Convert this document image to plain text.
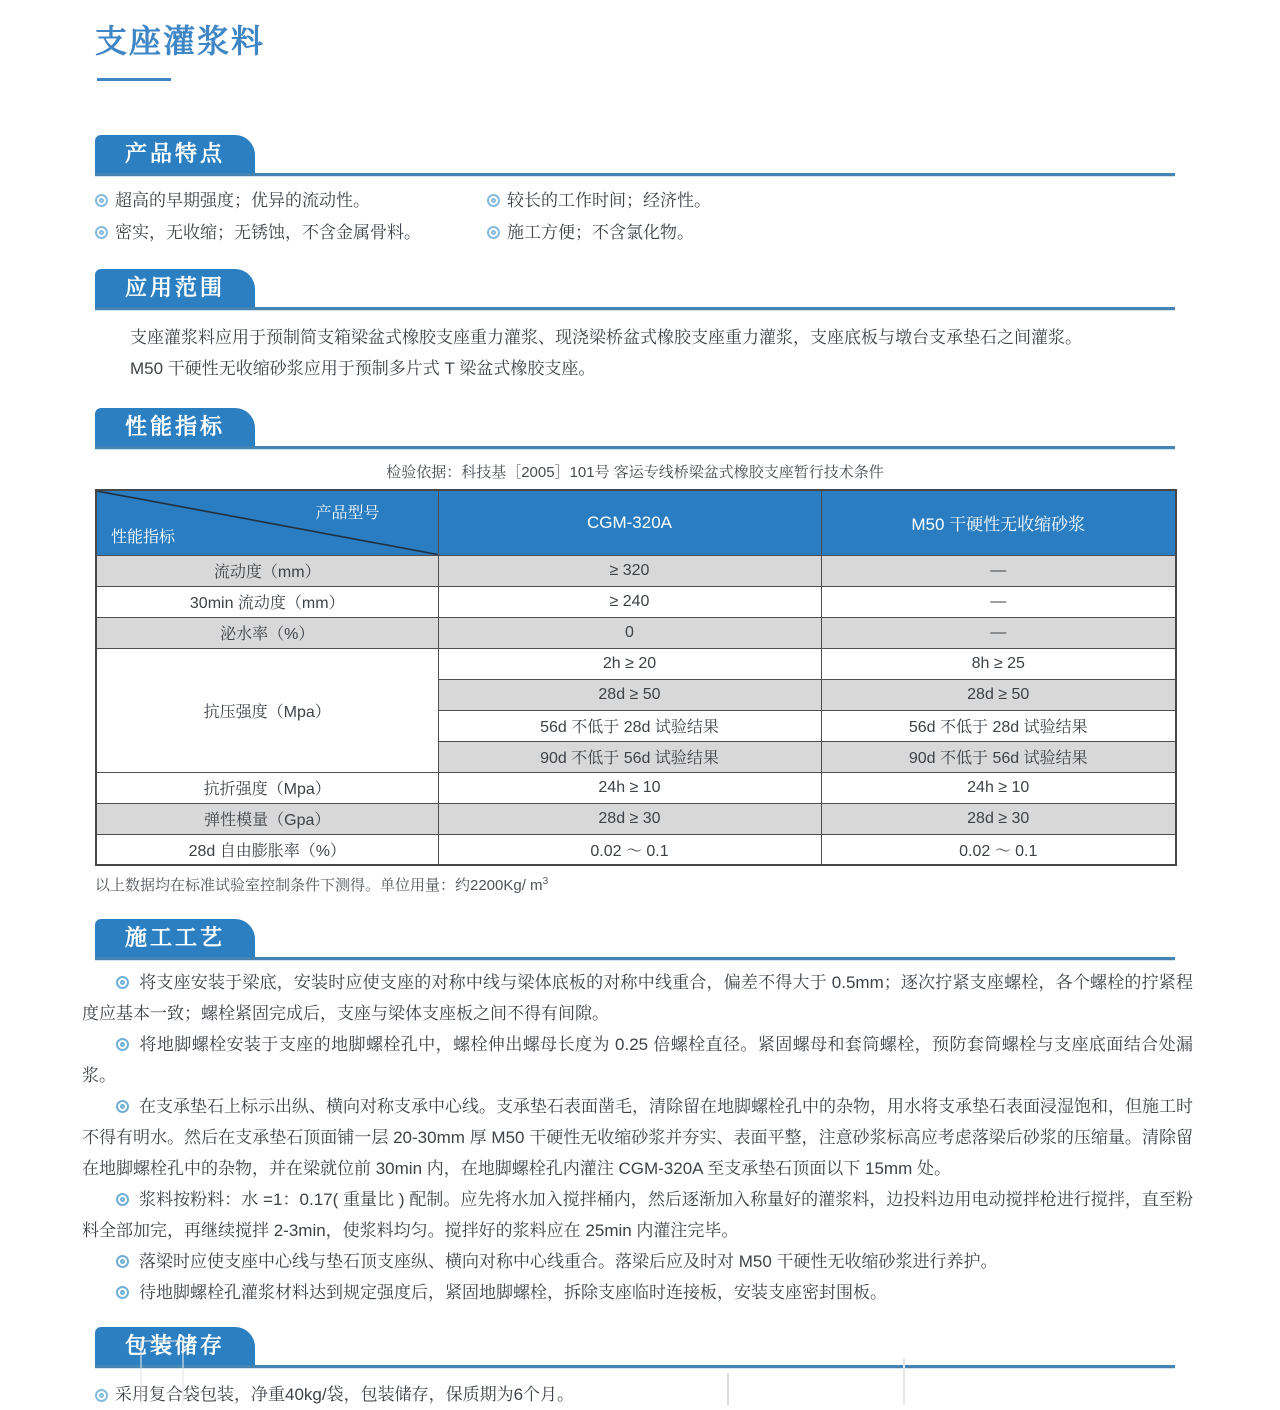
支座灌浆料
产品特点
超高的早期强度；优异的流动性。	较长的工作时间；经济性。
密实，无收缩；无锈蚀，不含金属骨料。	施工方便；不含氯化物。
应用范围

支座灌浆料应用于预制简支箱梁盆式橡胶支座重力灌浆、现浇梁桥盆式橡胶支座重力灌浆，支座底板与墩台支承垫石之间灌浆。

M50 干硬性无收缩砂浆应用于预制多片式 T 梁盆式橡胶支座。

性能指标
检验依据：科技基［2005］101号 客运专线桥梁盆式橡胶支座暂行技术条件
产品型号
性能指标	CGM-320A	M50 干硬性无收缩砂浆
流动度（mm）	≥ 320	—
30min 流动度（mm）	≥ 240	—
泌水率（%）	0	—
抗压强度（Mpa）	2h ≥ 20	8h ≥ 25
	28d ≥ 50	28d ≥ 50
	56d 不低于 28d 试验结果	56d 不低于 28d 试验结果
	90d 不低于 56d 试验结果	90d 不低于 56d 试验结果
抗折强度（Mpa）	24h ≥ 10	24h ≥ 10
弹性模量（Gpa）	28d ≥ 30	28d ≥ 30
28d 自由膨胀率（%）	0.02 ～ 0.1	0.02 ～ 0.1
以上数据均在标准试验室控制条件下测得。单位用量：约2200Kg/ $m^3$
施工工艺

将支座安装于梁底，安装时应使支座的对称中线与梁体底板的对称中线重合，偏差不得大于 0.5mm；逐次拧紧支座螺栓，各个螺栓的拧紧程度应基本一致；螺栓紧固完成后，支座与梁体支座板之间不得有间隙。

将地脚螺栓安装于支座的地脚螺栓孔中，螺栓伸出螺母长度为 0.25 倍螺栓直径。紧固螺母和套筒螺栓，预防套筒螺栓与支座底面结合处漏浆。

在支承垫石上标示出纵、横向对称支承中心线。支承垫石表面凿毛，清除留在地脚螺栓孔中的杂物，用水将支承垫石表面浸湿饱和，但施工时不得有明水。然后在支承垫石顶面铺一层 20-30mm 厚 M50 干硬性无收缩砂浆并夯实、表面平整，注意砂浆标高应考虑落梁后砂浆的压缩量。清除留在地脚螺栓孔中的杂物，并在梁就位前 30min 内，在地脚螺栓孔内灌注 CGM-320A 至支承垫石顶面以下 15mm 处。

浆料按粉料：水 =1：0.17( 重量比 ) 配制。应先将水加入搅拌桶内，然后逐渐加入称量好的灌浆料，边投料边用电动搅拌枪进行搅拌，直至粉料全部加完，再继续搅拌 2-3min，使浆料均匀。搅拌好的浆料应在 25min 内灌注完毕。

落梁时应使支座中心线与垫石顶支座纵、横向对称中心线重合。落梁后应及时对 M50 干硬性无收缩砂浆进行养护。

待地脚螺栓孔灌浆材料达到规定强度后，紧固地脚螺栓，拆除支座临时连接板，安装支座密封围板。

包装储存
采用复合袋包装，净重40kg/袋，包装储存，保质期为6个月。
